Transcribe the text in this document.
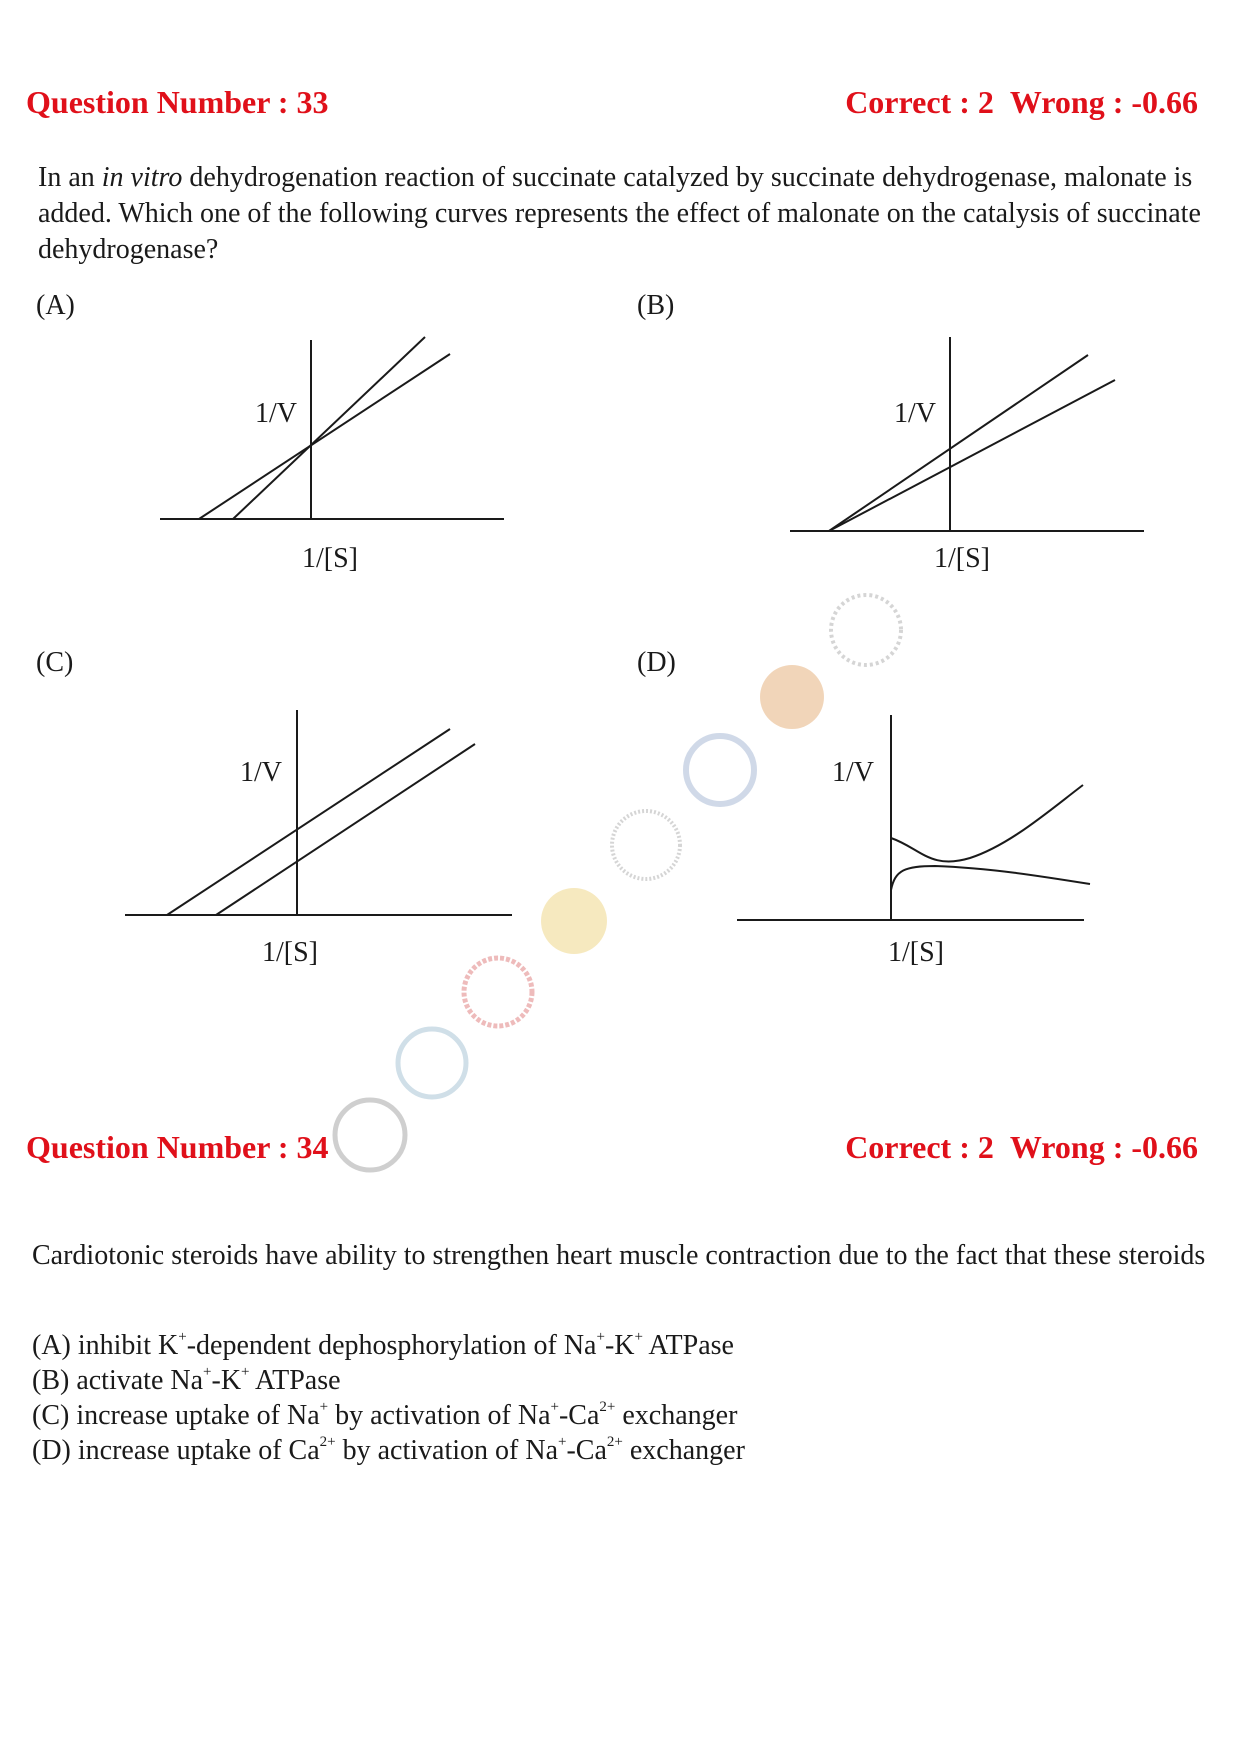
Question Number : 33	Correct : 2 Wrong : -0.66
In an in vitro dehydrogenation reaction of succinate catalyzed by succinate dehydrogenase, malonate is added. Which one of the following curves represents the effect of malonate on the catalysis of succinate dehydrogenase?
(A)	(B)
(C)	(D)
1/V
1/[S]
1/V
1/[S]
1/V
1/[S]
1/V
1/[S]
Question Number : 34	Correct : 2 Wrong : -0.66
Cardiotonic steroids have ability to strengthen heart muscle contraction due to the fact that these steroids
(A) inhibit K+-dependent dephosphorylation of Na+-K+ ATPase
(B) activate Na+-K+ ATPase
(C) increase uptake of Na+ by activation of $Na^+-Ca^{2+}$ exchanger
(D) increase uptake of $Ca^{2+}$ by activation of $Na^+-Ca^{2+}$ exchanger
